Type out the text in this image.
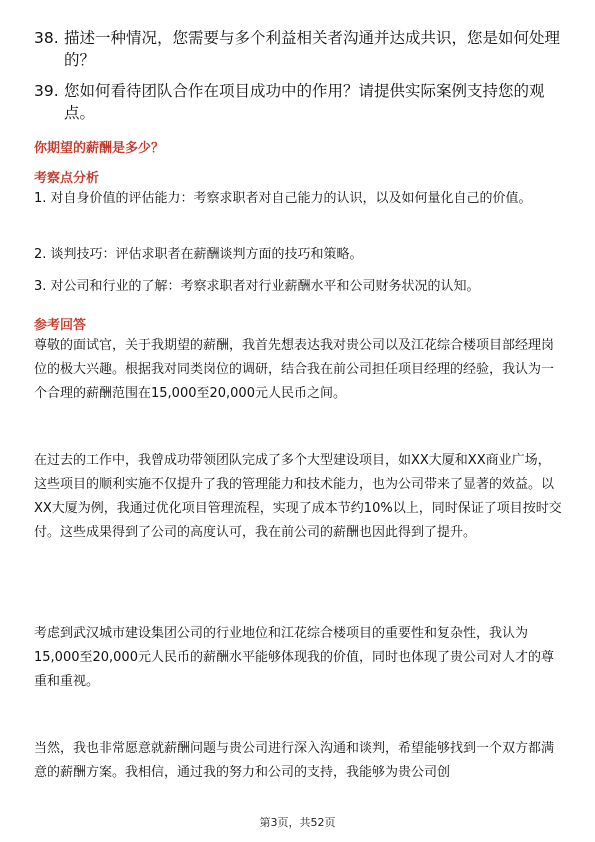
38. 描述一种情况，您需要与多个利益相关者沟通并达成共识，您是如何处理的？
39. 您如何看待团队合作在项目成功中的作用？请提供实际案例支持您的观点。
你期望的薪酬是多少？
考察点分析
1. 对自身价值的评估能力：考察求职者对自己能力的认识，以及如何量化自己的价值。
2. 谈判技巧：评估求职者在薪酬谈判方面的技巧和策略。
3. 对公司和行业的了解：考察求职者对行业薪酬水平和公司财务状况的认知。
参考回答
尊敬的面试官，关于我期望的薪酬，我首先想表达我对贵公司以及江花综合楼项目部经理岗位的极大兴趣。根据我对同类岗位的调研，结合我在前公司担任项目经理的经验，我认为一个合理的薪酬范围在15,000至20,000元人民币之间。
在过去的工作中，我曾成功带领团队完成了多个大型建设项目，如XX大厦和XX商业广场，这些项目的顺利实施不仅提升了我的管理能力和技术能力，也为公司带来了显著的效益。以XX大厦为例，我通过优化项目管理流程，实现了成本节约10%以上，同时保证了项目按时交付。这些成果得到了公司的高度认可，我在前公司的薪酬也因此得到了提升。
考虑到武汉城市建设集团公司的行业地位和江花综合楼项目的重要性和复杂性，我认为15,000至20,000元人民币的薪酬水平能够体现我的价值，同时也体现了贵公司对人才的尊重和重视。
当然，我也非常愿意就薪酬问题与贵公司进行深入沟通和谈判，希望能够找到一个双方都满意的薪酬方案。我相信，通过我的努力和公司的支持，我能够为贵公司创
第3页，共52页
